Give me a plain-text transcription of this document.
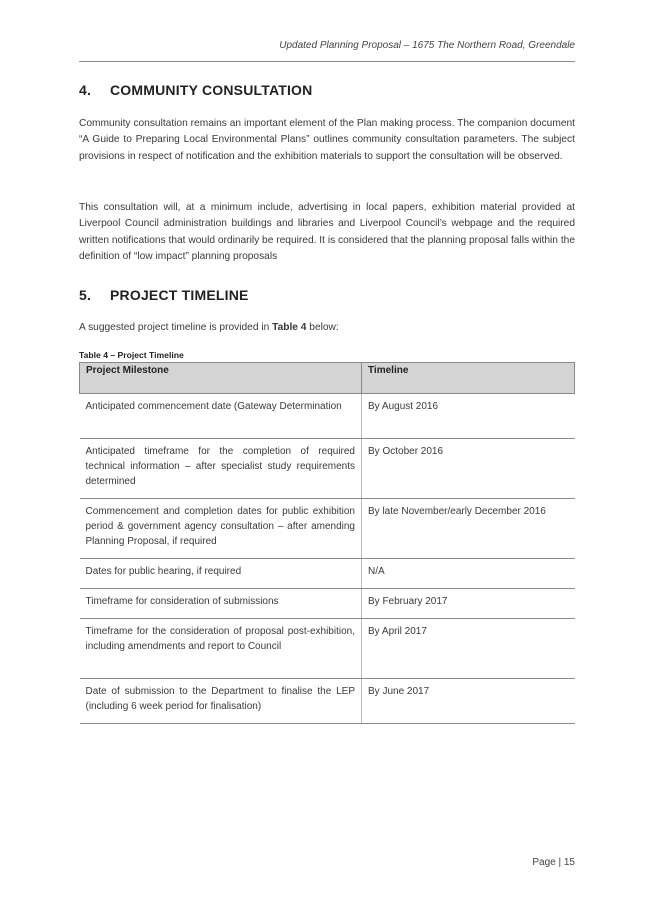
Updated Planning Proposal – 1675 The Northern Road, Greendale
4. COMMUNITY CONSULTATION

Community consultation remains an important element of the Plan making process. The companion document “A Guide to Preparing Local Environmental Plans” outlines community consultation parameters. The subject provisions in respect of notification and the exhibition materials to support the consultation will be observed.

This consultation will, at a minimum include, advertising in local papers, exhibition material provided at Liverpool Council administration buildings and libraries and Liverpool Council’s webpage and the required written notifications that would ordinarily be required. It is considered that the planning proposal falls within the definition of “low impact” planning proposals

5. PROJECT TIMELINE

A suggested project timeline is provided in Table 4 below:

Table 4 – Project Timeline
Project Milestone	Timeline
Anticipated commencement date (Gateway Determination	By August 2016
Anticipated timeframe for the completion of required technical information – after specialist study requirements determined	By October 2016
Commencement and completion dates for public exhibition period & government agency consultation – after amending Planning Proposal, if required	By late November/early December 2016
Dates for public hearing, if required	N/A
Timeframe for consideration of submissions	By February 2017
Timeframe for the consideration of proposal post-exhibition, including amendments and report to Council	By April 2017
Date of submission to the Department to finalise the LEP (including 6 week period for finalisation)	By June 2017
Page | 15
